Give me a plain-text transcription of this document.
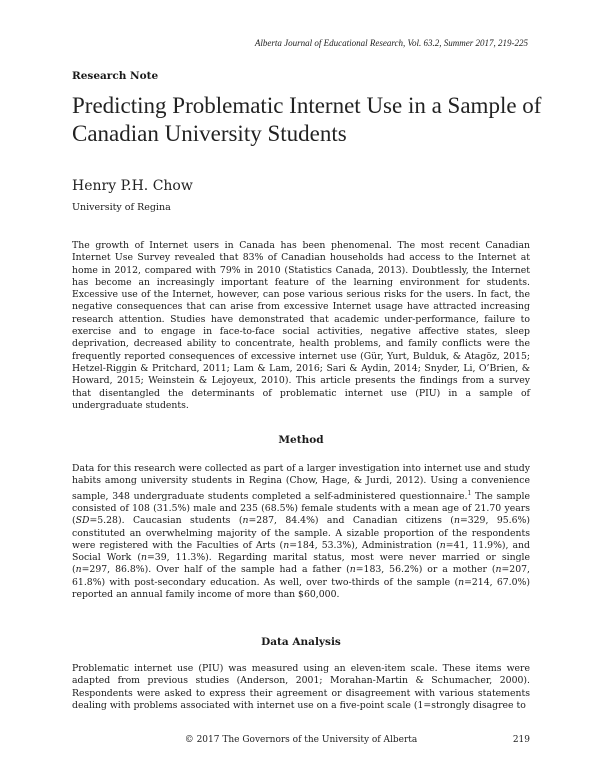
Alberta Journal of Educational Research, Vol. 63.2, Summer 2017, 219-225
Research Note
Predicting Problematic Internet Use in a Sample of Canadian University Students
Henry P.H. Chow
University of Regina

The growth of Internet users in Canada has been phenomenal. The most recent Canadian Internet Use Survey revealed that 83% of Canadian households had access to the Internet at home in 2012, compared with 79% in 2010 (Statistics Canada, 2013). Doubtlessly, the Internet has become an increasingly important feature of the learning environment for students. Excessive use of the Internet, however, can pose various serious risks for the users. In fact, the negative consequences that can arise from excessive Internet usage have attracted increasing research attention. Studies have demonstrated that academic under-performance, failure to exercise and to engage in face-to-face social activities, negative affective states, sleep deprivation, decreased ability to concentrate, health problems, and family conflicts were the frequently reported consequences of excessive internet use (Gür, Yurt, Bulduk, & Atagöz, 2015; Hetzel-Riggin & Pritchard, 2011; Lam & Lam, 2016; Sari & Aydin, 2014; Snyder, Li, O’Brien, & Howard, 2015; Weinstein & Lejoyeux, 2010). This article presents the findings from a survey that disentangled the determinants of problematic internet use (PIU) in a sample of undergraduate students.

Method

Data for this research were collected as part of a larger investigation into internet use and study habits among university students in Regina (Chow, Hage, & Jurdi, 2012). Using a convenience sample, 348 undergraduate students completed a self-administered questionnaire.$^1$ The sample consisted of 108 (31.5%) male and 235 (68.5%) female students with a mean age of 21.70 years (SD=5.28). Caucasian students (n=287, 84.4%) and Canadian citizens (n=329, 95.6%) constituted an overwhelming majority of the sample. A sizable proportion of the respondents were registered with the Faculties of Arts (n=184, 53.3%), Administration (n=41, 11.9%), and Social Work (n=39, 11.3%). Regarding marital status, most were never married or single (n=297, 86.8%). Over half of the sample had a father (n=183, 56.2%) or a mother (n=207, 61.8%) with post-secondary education. As well, over two-thirds of the sample (n=214, 67.0%) reported an annual family income of more than $60,000.

Data Analysis

Problematic internet use (PIU) was measured using an eleven-item scale. These items were adapted from previous studies (Anderson, 2001; Morahan-Martin & Schumacher, 2000). Respondents were asked to express their agreement or disagreement with various statements dealing with problems associated with internet use on a five-point scale (1=strongly disagree to

© 2017 The Governors of the University of Alberta	219
